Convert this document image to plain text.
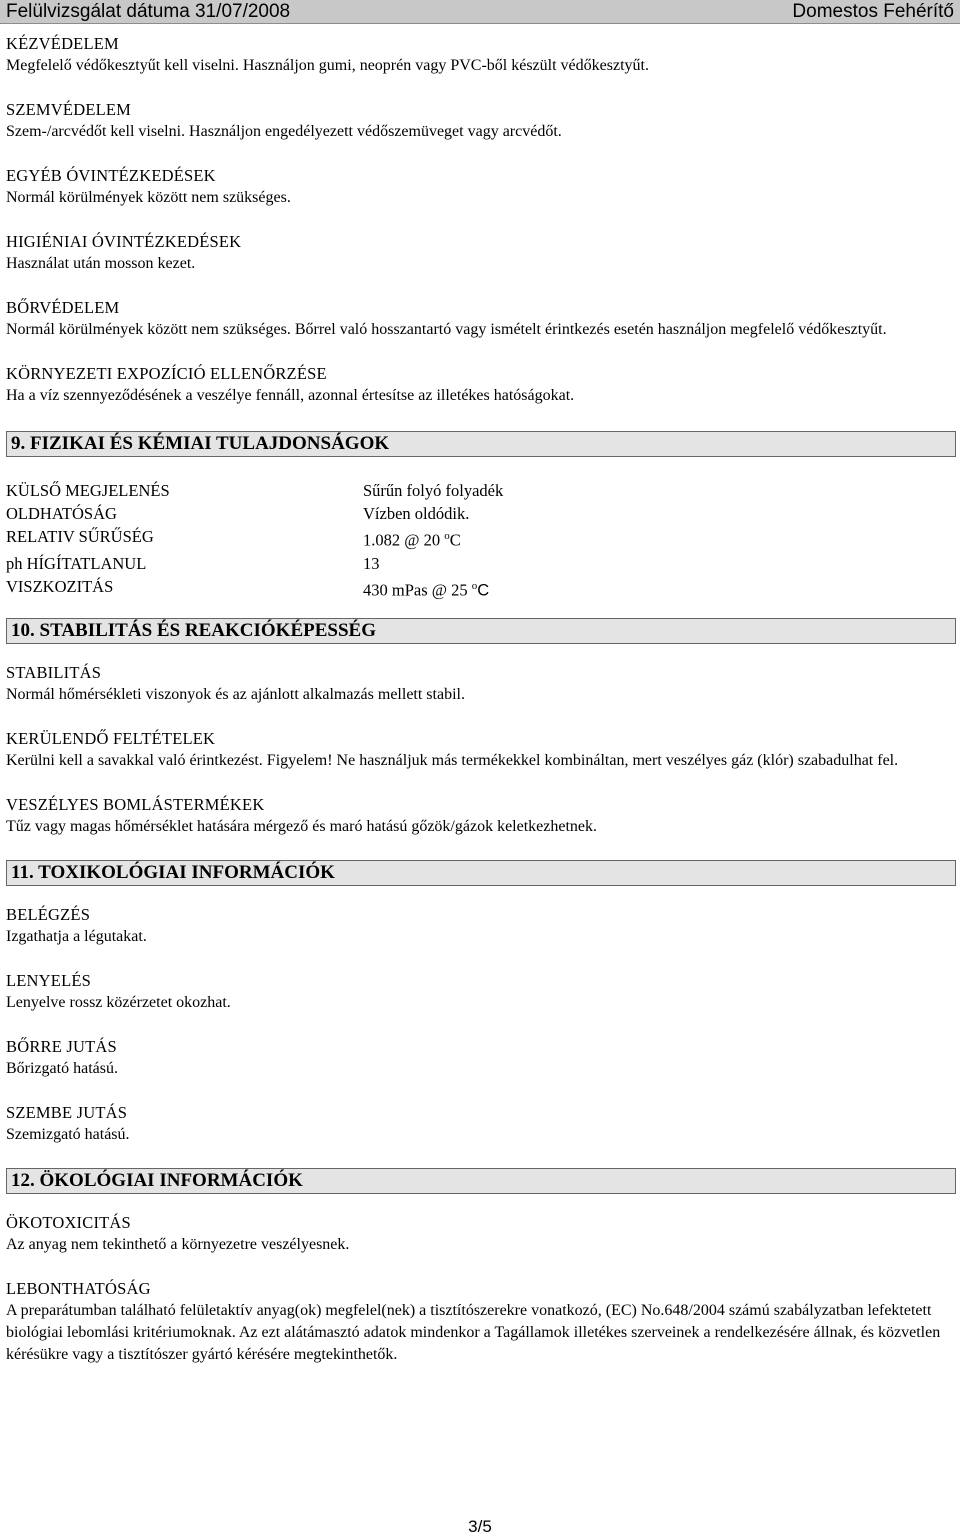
Felülvizsgálat dátuma 31/07/2008	Domestos Fehérítő
KÉZVÉDELEM
Megfelelő védőkesztyűt kell viselni. Használjon gumi, neoprén vagy PVC-ből készült védőkesztyűt.
SZEMVÉDELEM
Szem-/arcvédőt kell viselni. Használjon engedélyezett védőszemüveget vagy arcvédőt.
EGYÉB ÓVINTÉZKEDÉSEK
Normál körülmények között nem szükséges.
HIGIÉNIAI ÓVINTÉZKEDÉSEK
Használat után mosson kezet.
BŐRVÉDELEM
Normál körülmények között nem szükséges. Bőrrel való hosszantartó vagy ismételt érintkezés esetén használjon megfelelő védőkesztyűt.
KÖRNYEZETI EXPOZÍCIÓ ELLENŐRZÉSE
Ha a víz szennyeződésének a veszélye fennáll, azonnal értesítse az illetékes hatóságokat.
9. FIZIKAI ÉS KÉMIAI TULAJDONSÁGOK
KÜLSŐ MEGJELENÉS	Sűrűn folyó folyadék
OLDHATÓSÁG	Vízben oldódik.
RELATIV SŰRŰSÉG	1.082 @ 20 $^o$C
ph HÍGÍTATLANUL	13
VISZKOZITÁS	430 mPas @ 25 $^o$C
10. STABILITÁS ÉS REAKCIÓKÉPESSÉG
STABILITÁS
Normál hőmérsékleti viszonyok és az ajánlott alkalmazás mellett stabil.
KERÜLENDŐ FELTÉTELEK
Kerülni kell a savakkal való érintkezést. Figyelem! Ne használjuk más termékekkel kombináltan, mert veszélyes gáz (klór) szabadulhat fel.
VESZÉLYES BOMLÁSTERMÉKEK
Tűz vagy magas hőmérséklet hatására mérgező és maró hatású gőzök/gázok keletkezhetnek.
11. TOXIKOLÓGIAI INFORMÁCIÓK
BELÉGZÉS
Izgathatja a légutakat.
LENYELÉS
Lenyelve rossz közérzetet okozhat.
BŐRRE JUTÁS
Bőrizgató hatású.
SZEMBE JUTÁS
Szemizgató hatású.
12. ÖKOLÓGIAI INFORMÁCIÓK
ÖKOTOXICITÁS
Az anyag nem tekinthető a környezetre veszélyesnek.
LEBONTHATÓSÁG
A preparátumban található felületaktív anyag(ok) megfelel(nek) a tisztítószerekre vonatkozó, (EC) No.648/2004 számú szabályzatban lefektetett biológiai lebomlási kritériumoknak. Az ezt alátámasztó adatok mindenkor a Tagállamok illetékes szerveinek a rendelkezésére állnak, és közvetlen kérésükre vagy a tisztítószer gyártó kérésére megtekinthetők.
3/5
